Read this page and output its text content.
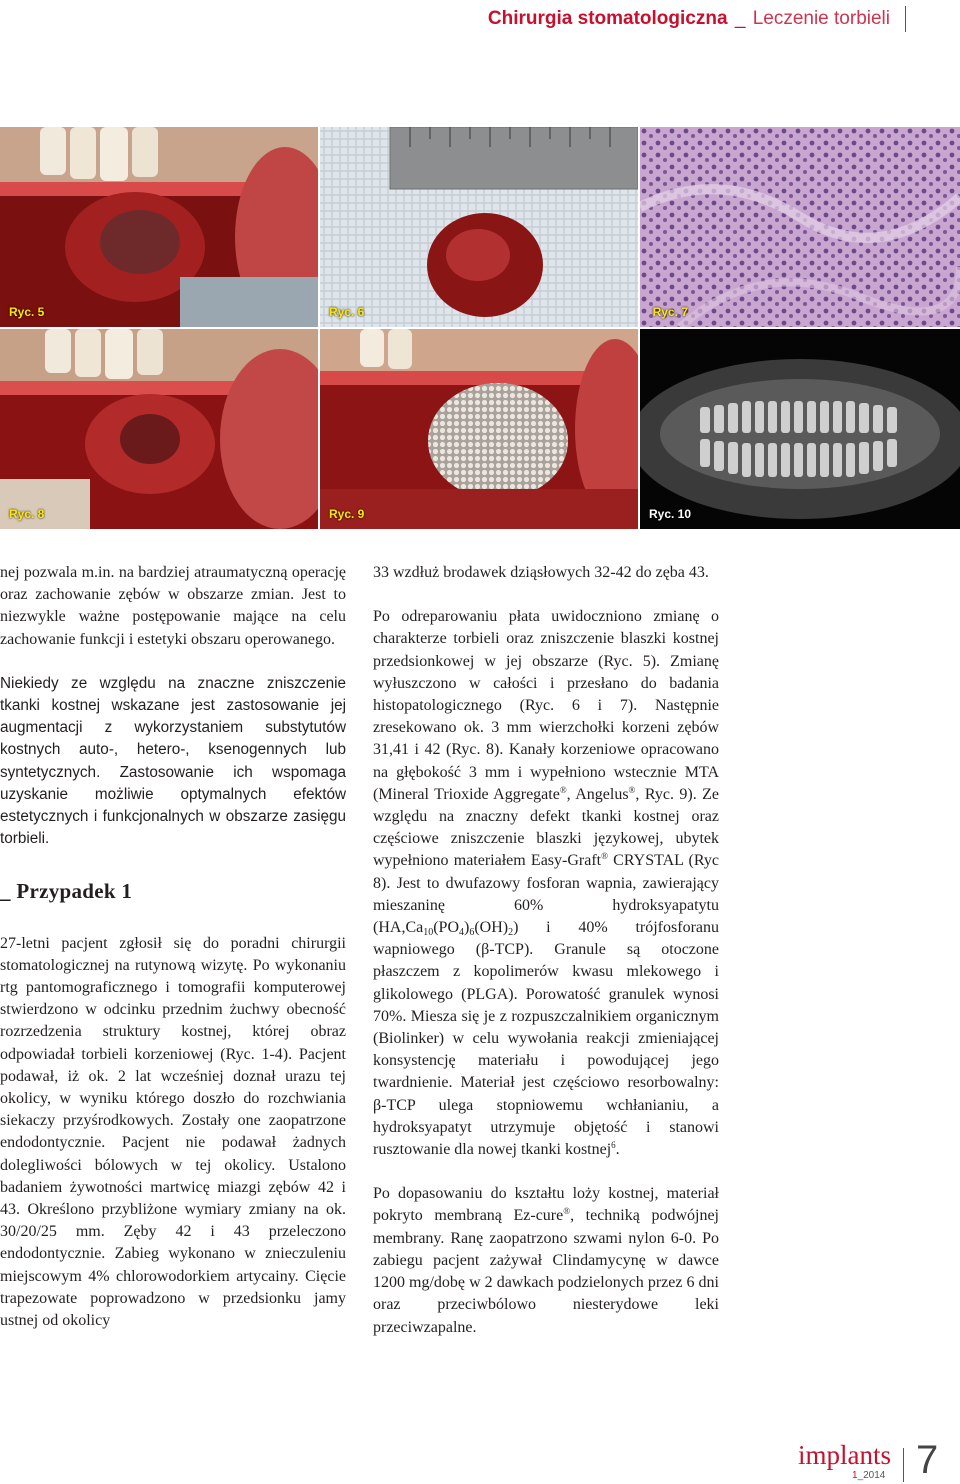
Chirurgia stomatologiczna _ Leczenie torbieli
Ryc. 5	Ryc. 6	Ryc. 7
Ryc. 8	Ryc. 9	Ryc. 10

nej pozwala m.in. na bardziej atraumatyczną operację oraz zachowanie zębów w obszarze zmian. Jest to niezwykle ważne postępowanie mające na celu zachowanie funkcji i estetyki obszaru operowanego.

Niekiedy ze względu na znaczne zniszczenie tkanki kostnej wskazane jest zastosowanie jej augmentacji z wykorzystaniem substytutów kostnych auto-, hetero-, ksenogennych lub syntetycznych. Zastosowanie ich wspomaga uzyskanie możliwie optymalnych efektów estetycznych i funkcjonalnych w obszarze zasięgu torbieli.

_ Przypadek 1

27-letni pacjent zgłosił się do poradni chirurgii stomatologicznej na rutynową wizytę. Po wykonaniu rtg pantomograficznego i tomografii komputerowej stwierdzono w odcinku przednim żuchwy obecność rozrzedzenia struktury kostnej, której obraz odpowiadał torbieli korzeniowej (Ryc. 1-4). Pacjent podawał, iż ok. 2 lat wcześniej doznał urazu tej okolicy, w wyniku którego doszło do rozchwiania siekaczy przyśrodkowych. Zostały one zaopatrzone endodontycznie. Pacjent nie podawał żadnych dolegliwości bólowych w tej okolicy. Ustalono badaniem żywotności martwicę miazgi zębów 42 i 43. Określono przybliżone wymiary zmiany na ok. 30/20/25 mm. Zęby 42 i 43 przeleczono endodontycznie. Zabieg wykonano w znieczuleniu miejscowym 4% chlorowodorkiem artycainy. Cięcie trapezowate poprowadzono w przedsionku jamy ustnej od okolicy

33 wzdłuż brodawek dziąsłowych 32-42 do zęba 43.

Po odreparowaniu płata uwidoczniono zmianę o charakterze torbieli oraz zniszczenie blaszki kostnej przedsionkowej w jej obszarze (Ryc. 5). Zmianę wyłuszczono w całości i przesłano do badania histopatologicznego (Ryc. 6 i 7). Następnie zresekowano ok. 3 mm wierzchołki korzeni zębów 31,41 i 42 (Ryc. 8). Kanały korzeniowe opracowano na głębokość 3 mm i wypełniono wstecznie MTA (Mineral Trioxide Aggregate®, Angelus®, Ryc. 9). Ze względu na znaczny defekt tkanki kostnej oraz częściowe zniszczenie blaszki językowej, ubytek wypełniono materiałem Easy-Graft® CRYSTAL (Ryc 8). Jest to dwufazowy fosforan wapnia, zawierający mieszaninę 60% hydroksyapatytu $(HA,Ca_{10}(PO_4)_6(OH)_2)$ i 40% trójfosforanu wapniowego (β-TCP). Granule są otoczone płaszczem z kopolimerów kwasu mlekowego i glikolowego (PLGA). Porowatość granulek wynosi 70%. Miesza się je z rozpuszczalnikiem organicznym (Biolinker) w celu wywołania reakcji zmieniającej konsystencję materiału i powodującej jego twardnienie. Materiał jest częściowo resorbowalny: β-TCP ulega stopniowemu wchłanianiu, a hydroksyapatyt utrzymuje objętość i stanowi rusztowanie dla nowej tkanki kostnej$^6$.

Po dopasowaniu do kształtu loży kostnej, materiał pokryto membraną Ez-cure®, techniką podwójnej membrany. Ranę zaopatrzono szwami nylon 6-0. Po zabiegu pacjent zażywał Clindamycynę w dawce 1200 mg/dobę w 2 dawkach podzielonych przez 6 dni oraz przeciwbólowo niesterydowe leki przeciwzapalne.

implants
1_2014 7
